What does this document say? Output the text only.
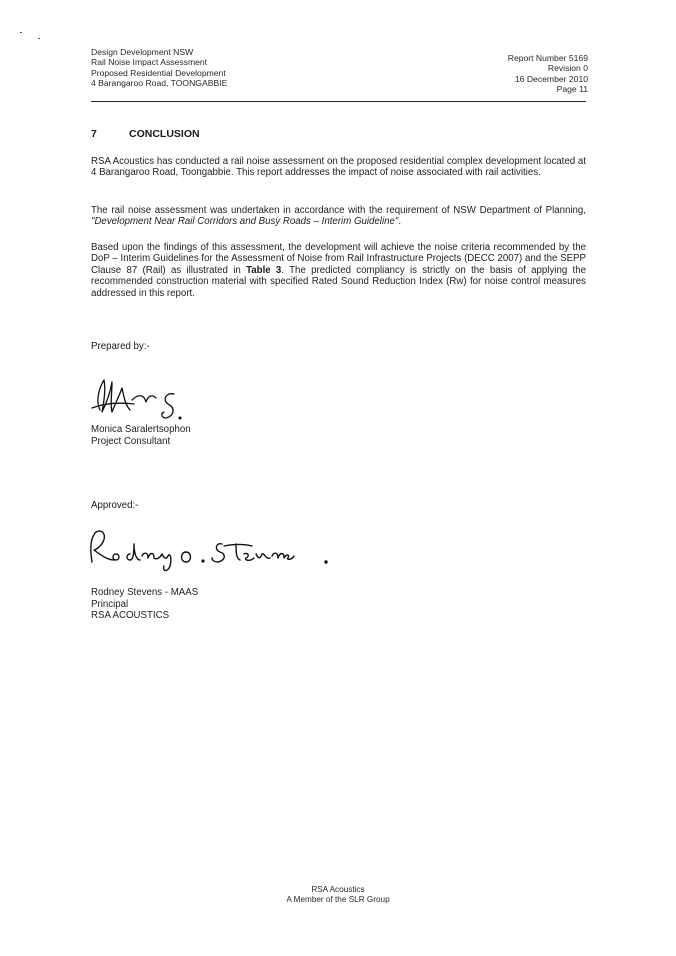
Design Development NSW
Rail Noise Impact Assessment
Proposed Residential Development
4 Barangaroo Road, TOONGABBIE
Report Number 5169
Revision 0
16 December 2010
Page 11
7	CONCLUSION
RSA Acoustics has conducted a rail noise assessment on the proposed residential complex development located at 4 Barangaroo Road, Toongabbie. This report addresses the impact of noise associated with rail activities.
The rail noise assessment was undertaken in accordance with the requirement of NSW Department of Planning, "Development Near Rail Corridors and Busy Roads – Interim Guideline".
Based upon the findings of this assessment, the development will achieve the noise criteria recommended by the DoP – Interim Guidelines for the Assessment of Noise from Rail Infrastructure Projects (DECC 2007) and the SEPP Clause 87 (Rail) as illustrated in Table 3. The predicted compliancy is strictly on the basis of applying the recommended construction material with specified Rated Sound Reduction Index (Rw) for noise control measures addressed in this report.
Prepared by:-
Monica Saralertsophon
Project Consultant
Approved:-
Rodney Stevens - MAAS
Principal
RSA ACOUSTICS
RSA Acoustics
A Member of the SLR Group
